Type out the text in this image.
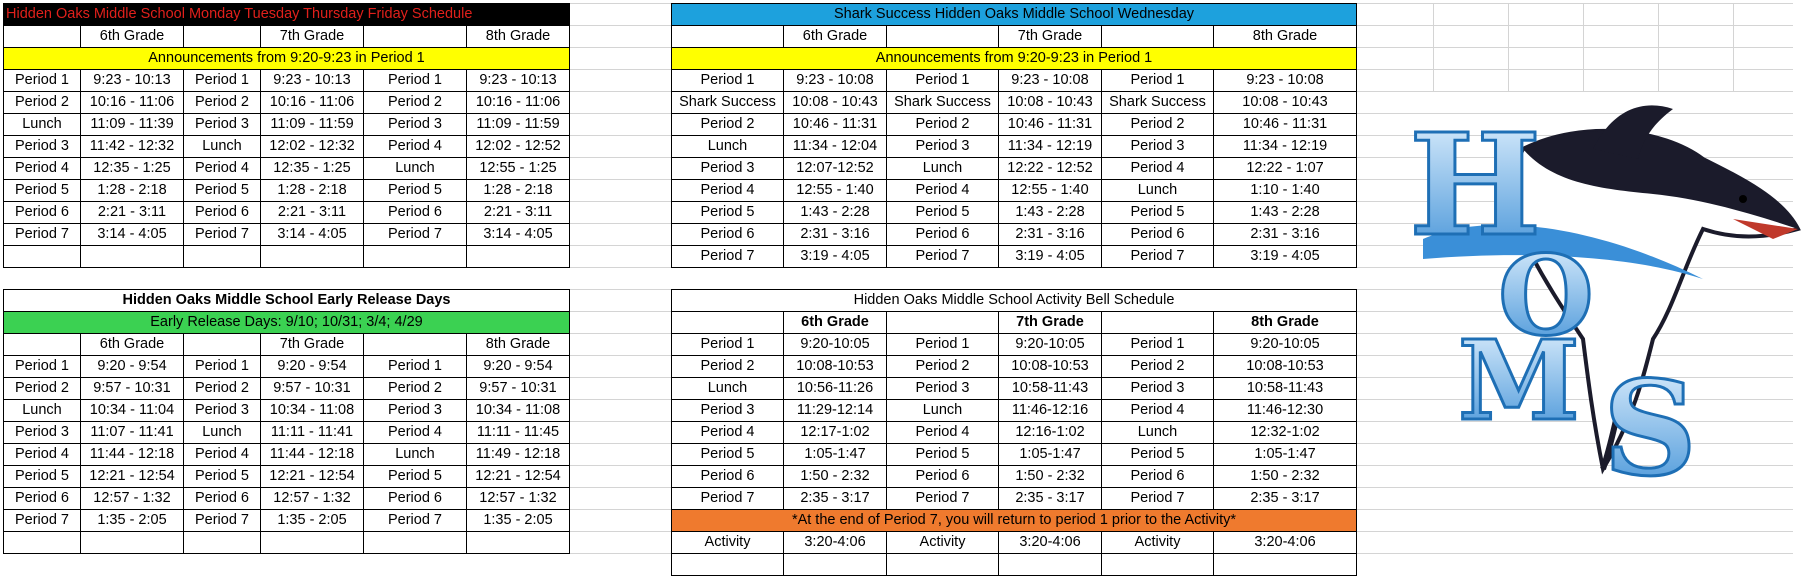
Hidden Oaks Middle School Monday Tuesday Thursday Friday Schedule					
	6th Grade		7th Grade		8th Grade
Announcements from 9:20-9:23 in Period 1					
Period 1	9:23 - 10:13	Period 1	9:23 - 10:13	Period 1	9:23 - 10:13
Period 2	10:16 - 11:06	Period 2	10:16 - 11:06	Period 2	10:16 - 11:06
Lunch	11:09 - 11:39	Period 3	11:09 - 11:59	Period 3	11:09 - 11:59
Period 3	11:42 - 12:32	Lunch	12:02 - 12:32	Period 4	12:02 - 12:52
Period 4	12:35 - 1:25	Period 4	12:35 - 1:25	Lunch	12:55 - 1:25
Period 5	1:28 - 2:18	Period 5	1:28 - 2:18	Period 5	1:28 - 2:18
Period 6	2:21 - 3:11	Period 6	2:21 - 3:11	Period 6	2:21 - 3:11
Period 7	3:14 - 4:05	Period 7	3:14 - 4:05	Period 7	3:14 - 4:05

Hidden Oaks Middle School Early Release Days					
Early Release Days: 9/10; 10/31; 3/4; 4/29					
	6th Grade		7th Grade		8th Grade
Period 1	9:20 - 9:54	Period 1	9:20 - 9:54	Period 1	9:20 - 9:54
Period 2	9:57 - 10:31	Period 2	9:57 - 10:31	Period 2	9:57 - 10:31
Lunch	10:34 - 11:04	Period 3	10:34 - 11:08	Period 3	10:34 - 11:08
Period 3	11:07 - 11:41	Lunch	11:11 - 11:41	Period 4	11:11 - 11:45
Period 4	11:44 - 12:18	Period 4	11:44 - 12:18	Lunch	11:49 - 12:18
Period 5	12:21 - 12:54	Period 5	12:21 - 12:54	Period 5	12:21 - 12:54
Period 6	12:57 - 1:32	Period 6	12:57 - 1:32	Period 6	12:57 - 1:32
Period 7	1:35 - 2:05	Period 7	1:35 - 2:05	Period 7	1:35 - 2:05

Shark Success Hidden Oaks Middle School Wednesday					
	6th Grade		7th Grade		8th Grade
Announcements from 9:20-9:23 in Period 1					
Period 1	9:23 - 10:08	Period 1	9:23 - 10:08	Period 1	9:23 - 10:08
Shark Success	10:08 - 10:43	Shark Success	10:08 - 10:43	Shark Success	10:08 - 10:43
Period 2	10:46 - 11:31	Period 2	10:46 - 11:31	Period 2	10:46 - 11:31
Lunch	11:34 - 12:04	Period 3	11:34 - 12:19	Period 3	11:34 - 12:19
Period 3	12:07-12:52	Lunch	12:22 - 12:52	Period 4	12:22 - 1:07
Period 4	12:55 - 1:40	Period 4	12:55 - 1:40	Lunch	1:10 - 1:40
Period 5	1:43 - 2:28	Period 5	1:43 - 2:28	Period 5	1:43 - 2:28
Period 6	2:31 - 3:16	Period 6	2:31 - 3:16	Period 6	2:31 - 3:16
Period 7	3:19 - 4:05	Period 7	3:19 - 4:05	Period 7	3:19 - 4:05
Hidden Oaks Middle School Activity Bell Schedule					
	6th Grade		7th Grade		8th Grade
Period 1	9:20-10:05	Period 1	9:20-10:05	Period 1	9:20-10:05
Period 2	10:08-10:53	Period 2	10:08-10:53	Period 2	10:08-10:53
Lunch	10:56-11:26	Period 3	10:58-11:43	Period 3	10:58-11:43
Period 3	11:29-12:14	Lunch	11:46-12:16	Period 4	11:46-12:30
Period 4	12:17-1:02	Period 4	12:16-1:02	Lunch	12:32-1:02
Period 5	1:05-1:47	Period 5	1:05-1:47	Period 5	1:05-1:47
Period 6	1:50 - 2:32	Period 6	1:50 - 2:32	Period 6	1:50 - 2:32
Period 7	2:35 - 3:17	Period 7	2:35 - 3:17	Period 7	2:35 - 3:17
*At the end of Period 7, you will return to period 1 prior to the Activity*					
Activity	3:20-4:06	Activity	3:20-4:06	Activity	3:20-4:06

H
O
M S
